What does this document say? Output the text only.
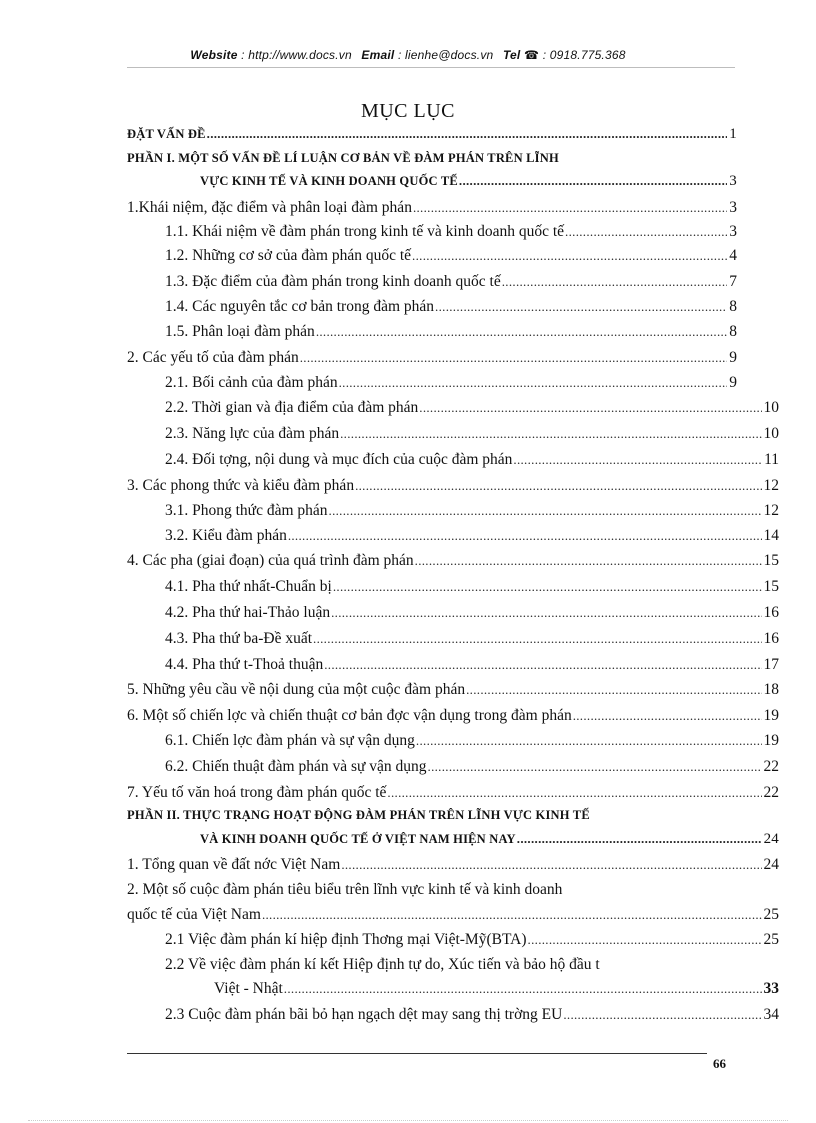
Website : http://www.docs.vn Email : lienhe@docs.vn Tel ☎ : 0918.775.368
MỤC LỤC
ĐẶT VẤN ĐỀ .....	1
PHẦN I. MỘT SỐ VẤN ĐỀ LÍ LUẬN CƠ BẢN VỀ ĐÀM PHÁN TRÊN LĨNH
VỰC KINH TẾ VÀ KINH DOANH QUỐC TẾ .....	3
1.Khái niệm, đặc điểm và phân loại đàm phán .....	3
1.1. Khái niệm về đàm phán trong kinh tế và kinh doanh quốc tế .....	3
1.2. Những cơ sở của đàm phán quốc tế .....	4
1.3. Đặc điểm của đàm phán trong kinh doanh quốc tế .....	7
1.4. Các nguyên tắc cơ bản trong đàm phán .....	8
1.5. Phân loại đàm phán .....	8
2. Các yếu tố của đàm phán .....	9
2.1. Bối cảnh của đàm phán .....	9
2.2. Thời gian và địa điểm của đàm phán .....	10
2.3. Năng lực của đàm phán .....	10
2.4. Đối tợng, nội dung và mục đích của cuộc đàm phán .....	11
3. Các phong thức và kiểu đàm phán .....	12
3.1. Phong thức đàm phán .....	12
3.2. Kiểu đàm phán .....	14
4. Các pha (giai đoạn) của quá trình đàm phán .....	15
4.1. Pha thứ nhất-Chuẩn bị .....	15
4.2. Pha thứ hai-Thảo luận .....	16
4.3. Pha thứ ba-Đề xuất .....	16
4.4. Pha thứ t-Thoả thuận .....	17
5. Những yêu cầu về nội dung của một cuộc đàm phán .....	18
6. Một số chiến lợc và chiến thuật cơ bản đợc vận dụng trong đàm phán .....	19
6.1. Chiến lợc đàm phán và sự vận dụng .....	19
6.2. Chiến thuật đàm phán và sự vận dụng .....	22
7. Yếu tố văn hoá trong đàm phán quốc tế .....	22
PHẦN II. THỰC TRẠNG HOẠT ĐỘNG ĐÀM PHÁN TRÊN LĨNH VỰC KINH TẾ
VÀ KINH DOANH QUỐC TẾ Ở VIỆT NAM HIỆN NAY .....	24
1. Tổng quan về đất nớc Việt Nam .....	24
2. Một số cuộc đàm phán tiêu biểu trên lĩnh vực kinh tế và kinh doanh
quốc tế của Việt Nam .....	25
2.1 Việc đàm phán kí hiệp định Thơng mại Việt-Mỹ(BTA) .....	25
2.2 Về việc đàm phán kí kết Hiệp định tự do, Xúc tiến và bảo hộ đầu t
Việt - Nhật .....	33
2.3 Cuộc đàm phán bãi bỏ hạn ngạch dệt may sang thị trờng EU .....	34
66
